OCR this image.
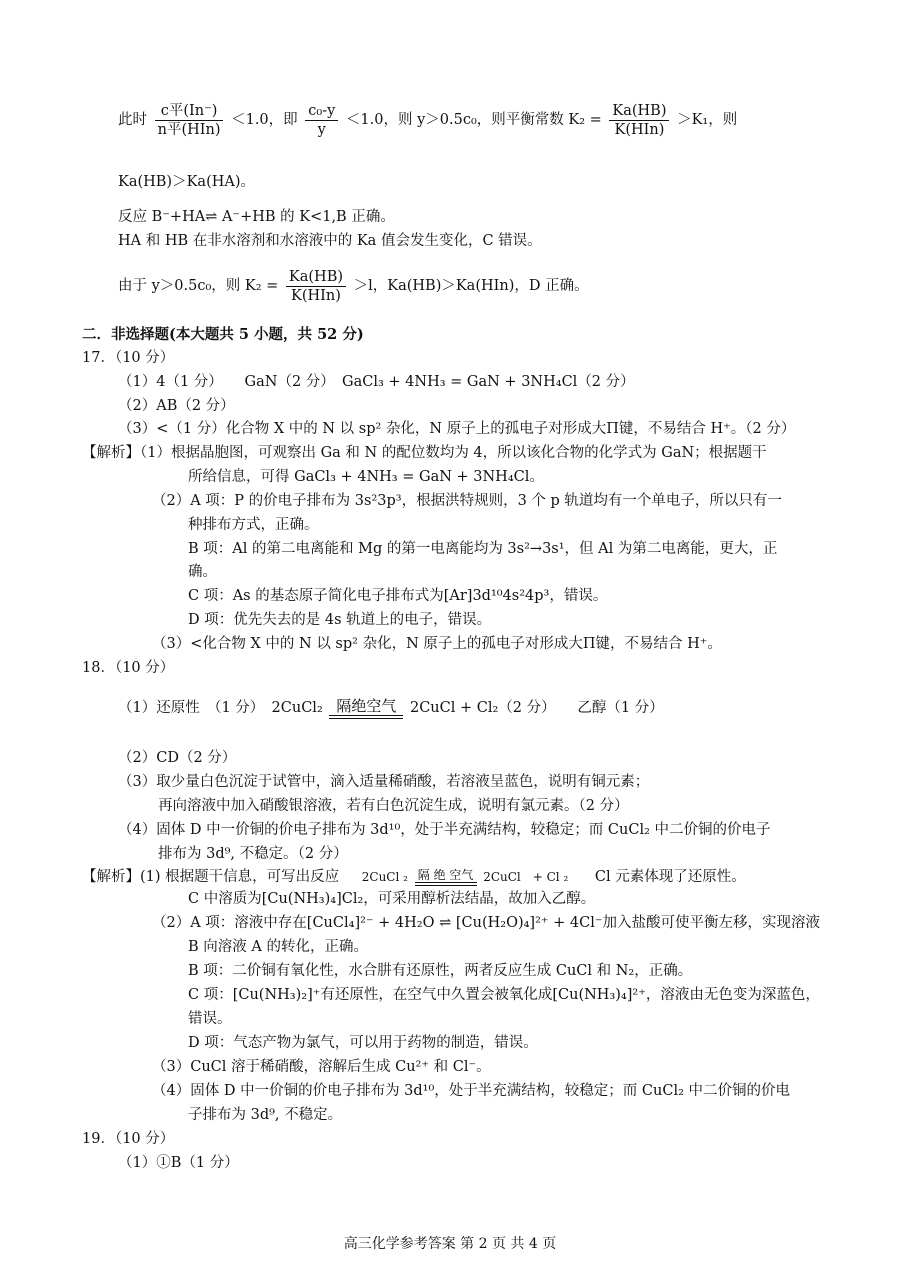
此时 $\frac{\text{c平(In⁻)}}{\text{n平(HIn)}} <1.0$，即 $\frac{\text{c₀-y}}{y} <1.0$，则 y＞0.5c₀，则平衡常数 $K_2 = \frac{Ka(HB)}{\text{K(HIn)}} >K_1$，则
Ka(HB)＞Ka(HA)。
反应 B⁻+HA⇌ A⁻+HB 的 K<1,B 正确。
HA 和 HB 在非水溶剂和水溶液中的 Ka 值会发生变化，C 错误。
由于 y＞0.5c₀，则 $K_2 = \frac{Ka(HB)}{\text{K(HIn)}} >l$，Ka(HB)＞Ka(HIn)，D 正确。
二．非选择题(本大题共 5 小题，共 52 分)
17．（10 分）
（1）4（1 分）　　GaN（2 分）　GaCl₃ + 4NH₃ = GaN + 3NH₄Cl（2 分）
（2）AB（2 分）
（3）<（1 分）化合物 X 中的 N 以 sp² 杂化，N 原子上的孤电子对形成大Π键，不易结合 H⁺。（2 分）
【解析】（1）根据晶胞图，可观察出 Ga 和 N 的配位数均为 4，所以该化合物的化学式为 GaN；根据题干
所给信息，可得 GaCl₃ + 4NH₃ = GaN + 3NH₄Cl。
（2）A 项：P 的价电子排布为 3s²3p³，根据洪特规则，3 个 p 轨道均有一个单电子，所以只有一
种排布方式，正确。
B 项：Al 的第二电离能和 Mg 的第一电离能均为 3s²→3s¹，但 Al 为第二电离能，更大，正
确。
C 项：As 的基态原子简化电子排布式为[Ar]3d¹⁰4s²4p³，错误。
D 项：优先失去的是 4s 轨道上的电子，错误。
（3）<化合物 X 中的 N 以 sp² 杂化，N 原子上的孤电子对形成大Π键，不易结合 H⁺。
18．（10 分）
（1）还原性　（1 分）　2CuCl₂ 隔绝空气 2CuCl + Cl₂（2 分）　　乙醇（1 分）
（2）CD（2 分）
（3）取少量白色沉淀于试管中，滴入适量稀硝酸，若溶液呈蓝色，说明有铜元素；
再向溶液中加入硝酸银溶液，若有白色沉淀生成，说明有氯元素。（2 分）
（4）固体 D 中一价铜的价电子排布为 3d¹⁰，处于半充满结构，较稳定；而 CuCl₂ 中二价铜的价电子
排布为 3d⁹, 不稳定。（2 分）
【解析】(1) 根据题干信息，可写出反应 2CuCl ₂ 隔 绝 空气 2CuCl　+ Cl ₂ Cl 元素体现了还原性。
C 中溶质为[Cu(NH₃)₄]Cl₂，可采用醇析法结晶，故加入乙醇。
（2）A 项：溶液中存在[CuCl₄]²⁻ + 4H₂O ⇌ [Cu(H₂O)₄]²⁺ + 4Cl⁻加入盐酸可使平衡左移，实现溶液
B 向溶液 A 的转化，正确。
B 项：二价铜有氧化性，水合肼有还原性，两者反应生成 CuCl 和 N₂，正确。
C 项：[Cu(NH₃)₂]⁺有还原性，在空气中久置会被氧化成[Cu(NH₃)₄]²⁺，溶液由无色变为深蓝色，
错误。
D 项：气态产物为氯气，可以用于药物的制造，错误。
（3）CuCl 溶于稀硝酸，溶解后生成 Cu²⁺ 和 Cl⁻。
（4）固体 D 中一价铜的价电子排布为 3d¹⁰，处于半充满结构，较稳定；而 CuCl₂ 中二价铜的价电
子排布为 3d⁹, 不稳定。
19．（10 分）
（1）①B（1 分）
高三化学参考答案 第 2 页 共 4 页
